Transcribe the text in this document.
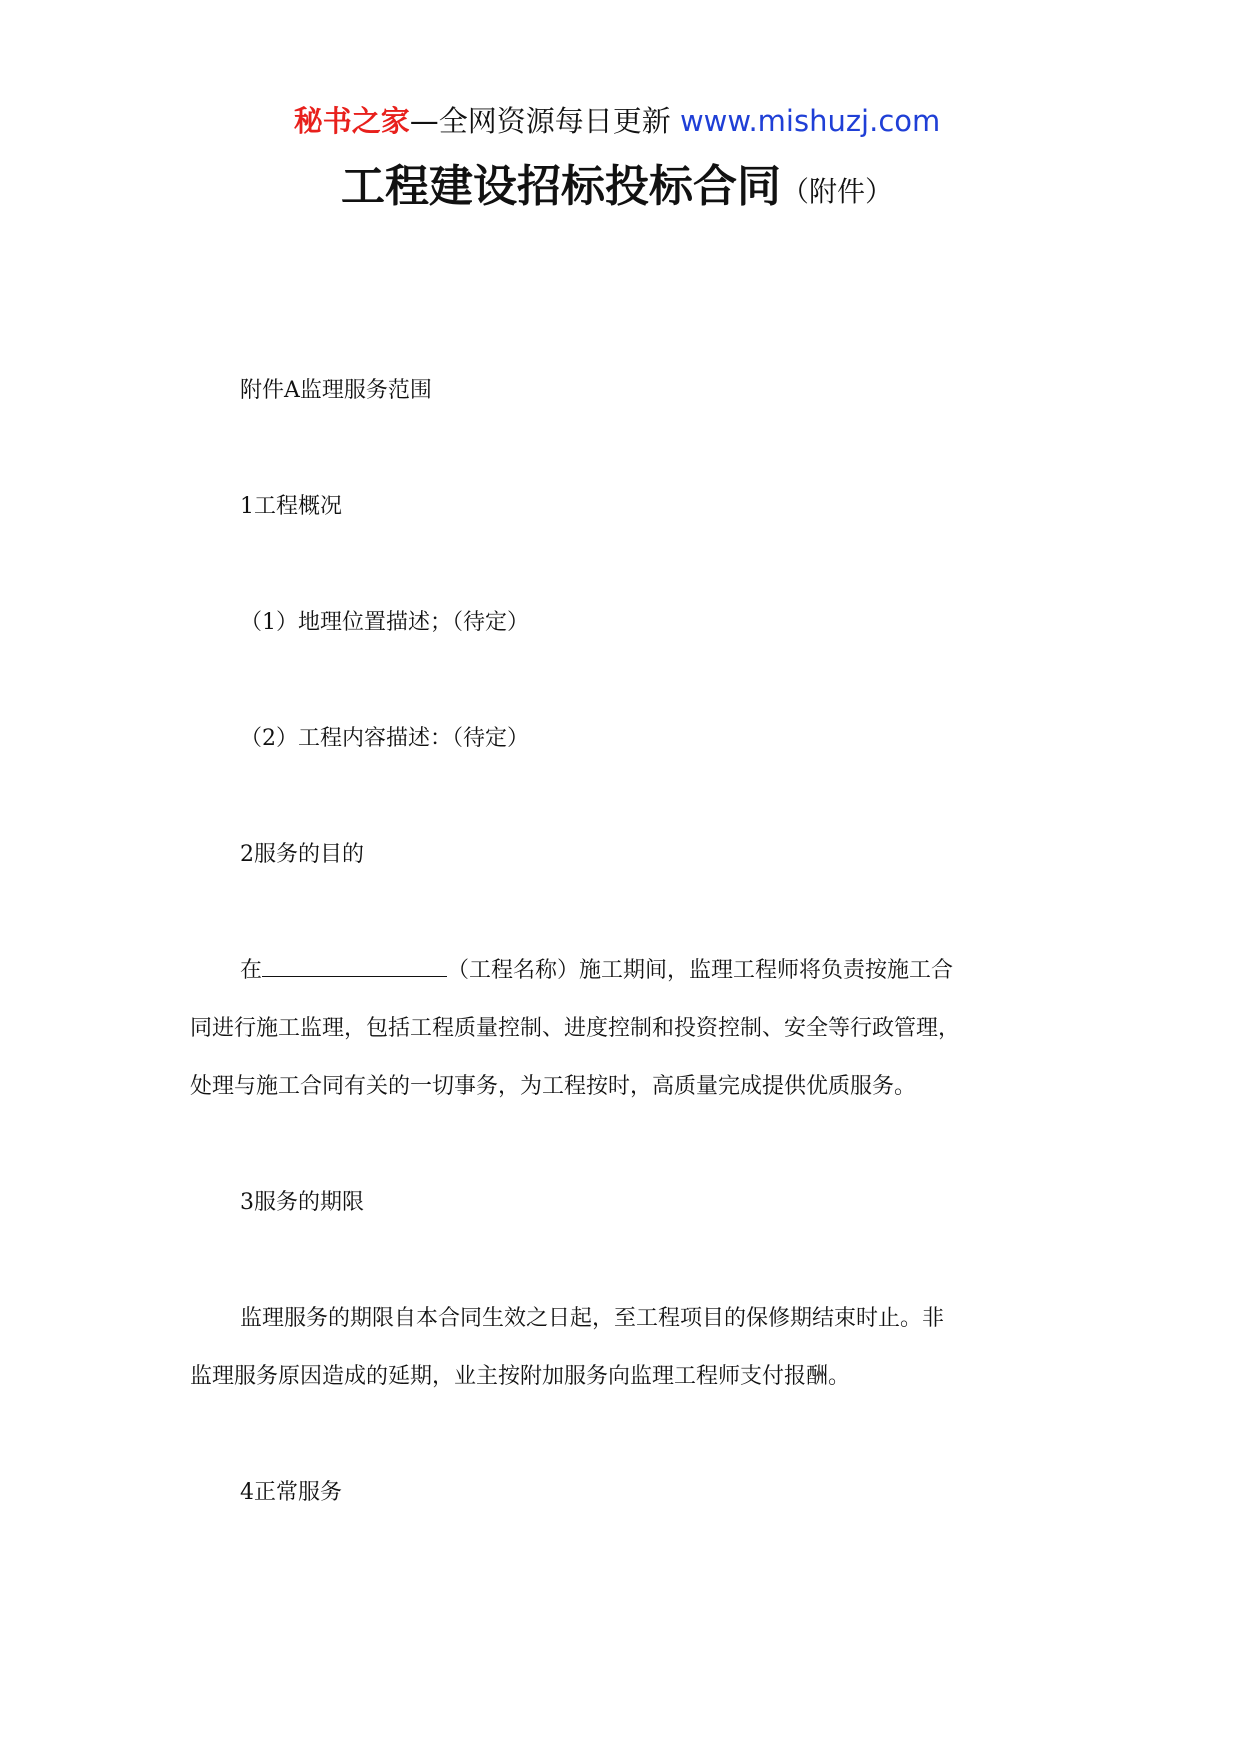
秘书之家—全网资源每日更新 www.mishuzj.com
工程建设招标投标合同（附件）
附件A监理服务范围
1工程概况
（1）地理位置描述；（待定）
（2）工程内容描述：（待定）
2服务的目的
在	（工程名称）施工期间，监理工程师将负责按施工合
同进行施工监理，包括工程质量控制、进度控制和投资控制、安全等行政管理，
处理与施工合同有关的一切事务，为工程按时，高质量完成提供优质服务。
3服务的期限
监理服务的期限自本合同生效之日起，至工程项目的保修期结束时止。非
监理服务原因造成的延期，业主按附加服务向监理工程师支付报酬。
4正常服务
